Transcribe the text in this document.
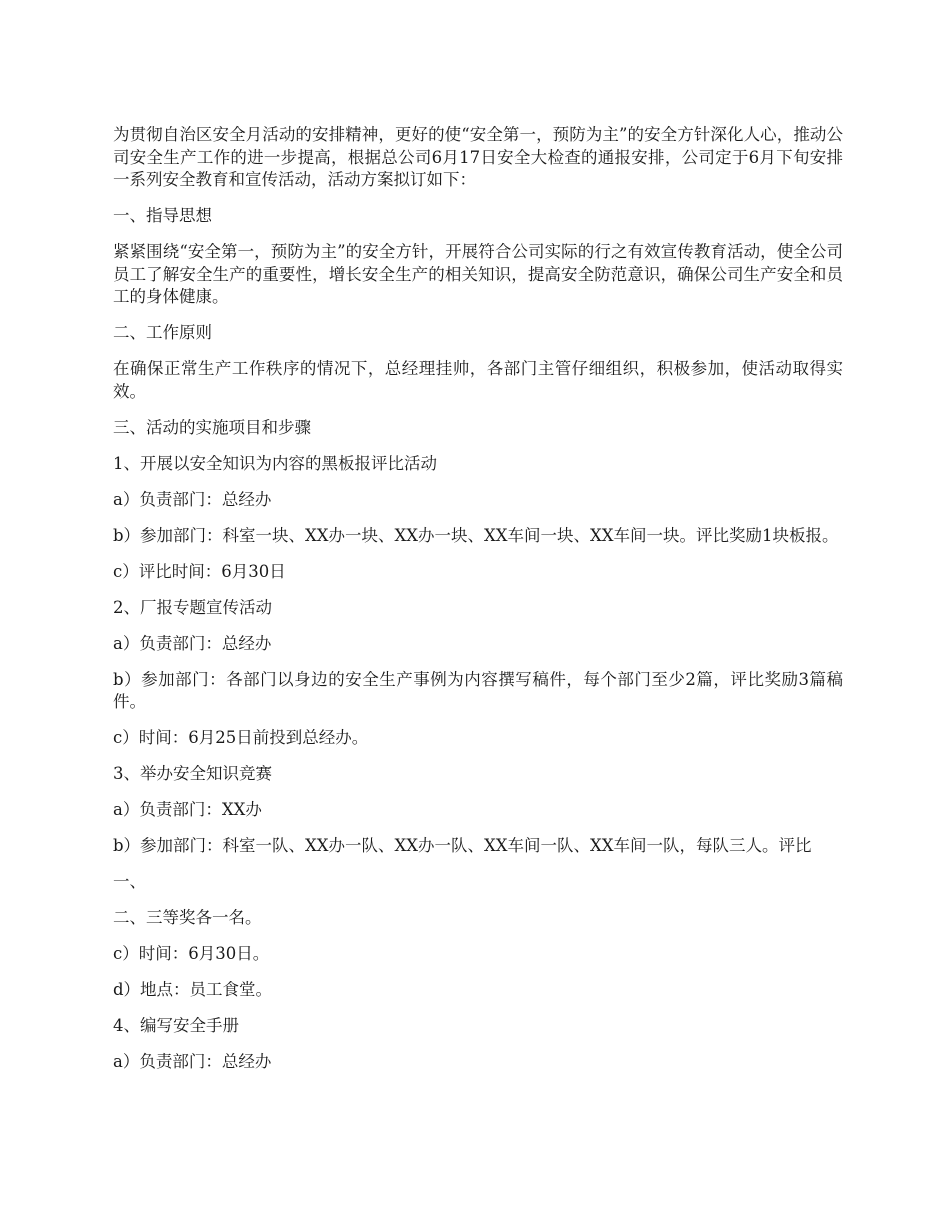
为贯彻自治区安全月活动的安排精神，更好的使“安全第一，预防为主”的安全方针深化人心，推动公司安全生产工作的进一步提高，根据总公司6月17日安全大检查的通报安排，公司定于6月下旬安排一系列安全教育和宣传活动，活动方案拟订如下：

一、指导思想

紧紧围绕“安全第一，预防为主”的安全方针，开展符合公司实际的行之有效宣传教育活动，使全公司员工了解安全生产的重要性，增长安全生产的相关知识，提高安全防范意识，确保公司生产安全和员工的身体健康。

二、工作原则

在确保正常生产工作秩序的情况下，总经理挂帅，各部门主管仔细组织，积极参加，使活动取得实效。

三、活动的实施项目和步骤

1、开展以安全知识为内容的黑板报评比活动

a）负责部门：总经办

b）参加部门：科室一块、XX办一块、XX办一块、XX车间一块、XX车间一块。评比奖励1块板报。

c）评比时间：6月30日

2、厂报专题宣传活动

a）负责部门：总经办

b）参加部门：各部门以身边的安全生产事例为内容撰写稿件，每个部门至少2篇，评比奖励3篇稿件。

c）时间：6月25日前投到总经办。

3、举办安全知识竞赛

a）负责部门：XX办

b）参加部门：科室一队、XX办一队、XX办一队、XX车间一队、XX车间一队，每队三人。评比

一、

二、三等奖各一名。

c）时间：6月30日。

d）地点：员工食堂。

4、编写安全手册

a）负责部门：总经办
